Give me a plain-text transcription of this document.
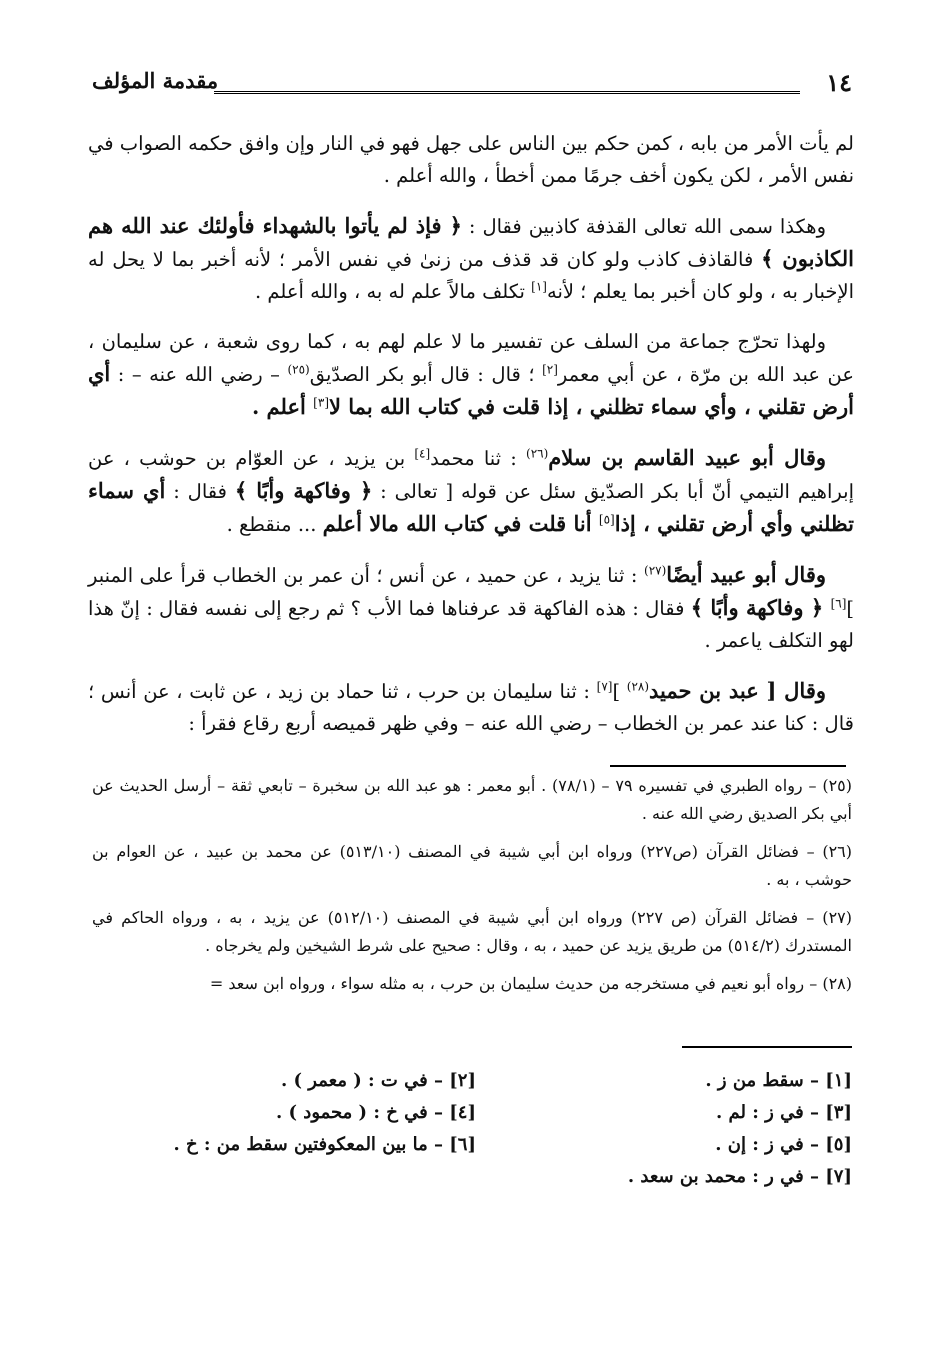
١٤
مقدمة المؤلف

لم يأت الأمر من بابه ، كمن حكم بين الناس على جهل فهو في النار وإن وافق حكمه الصواب في نفس الأمر ، لكن يكون أخف جرمًا ممن أخطأ ، والله أعلم .

وهكذا سمى الله تعالى القذفة كاذبين فقال : ﴿ فإذ لم يأتوا بالشهداء فأولئك عند الله هم الكاذبون ﴾ فالقاذف كاذب ولو كان قد قذف من زنىٰ في نفس الأمر ؛ لأنه أخبر بما لا يحل له الإخبار به ، ولو كان أخبر بما يعلم ؛ لأنه[١] تكلف مالاً علم له به ، والله أعلم .

ولهذا تحرّج جماعة من السلف عن تفسير ما لا علم لهم به ، كما روى شعبة ، عن سليمان ، عن عبد الله بن مرّة ، عن أبي معمر[٢] ؛ قال : قال أبو بكر الصدّيق$^{(٢٥)}$ – رضي الله عنه – : أي أرض تقلني ، وأي سماء تظلني ، إذا قلت في كتاب الله بما لا[٣] أعلم .

وقال أبو عبيد القاسم بن سلام$^{(٢٦)}$ : ثنا محمد[٤] بن يزيد ، عن العوّام بن حوشب ، عن إبراهيم التيمي أنّ أبا بكر الصدّيق سئل عن قوله [ تعالى : ﴿ وفاكهة وأبًا ﴾ فقال : أي سماء تظلني وأي أرض تقلني ، إذا[٥] أنا قلت في كتاب الله مالا أعلم ... منقطع .

وقال أبو عبيد أيضًا$^{(٢٧)}$ : ثنا يزيد ، عن حميد ، عن أنس ؛ أن عمر بن الخطاب قرأ على المنبر ][٦] ﴿ وفاكهة وأبًا ﴾ فقال : هذه الفاكهة قد عرفناها فما الأب ؟ ثم رجع إلى نفسه فقال : إنّ هذا لهو التكلف ياعمر .

وقال [ عبد بن حميد$^{(٢٨)}$ ][٧] : ثنا سليمان بن حرب ، ثنا حماد بن زيد ، عن ثابت ، عن أنس ؛ قال : كنا عند عمر بن الخطاب – رضي الله عنه – وفي ظهر قميصه أربع رقاع فقرأ :

(٢٥) – رواه الطبري في تفسيره ٧٩ – (٧٨/١) . أبو معمر : هو عبد الله بن سخبرة – تابعي ثقة – أرسل الحديث عن أبي بكر الصديق رضي الله عنه .

(٢٦) – فضائل القرآن (ص٢٢٧) ورواه ابن أبي شيبة في المصنف (٥١٣/١٠) عن محمد بن عبيد ، عن العوام بن حوشب ، به .

(٢٧) – فضائل القرآن (ص ٢٢٧) ورواه ابن أبي شيبة في المصنف (٥١٢/١٠) عن يزيد ، به ، ورواه الحاكم في المستدرك (٥١٤/٢) من طريق يزيد عن حميد ، به ، وقال : صحيح على شرط الشيخين ولم يخرجاه .

(٢٨) – رواه أبو نعيم في مستخرجه من حديث سليمان بن حرب ، به مثله سواء ، ورواه ابن سعد =

[١] – سقط من ز .
[٢] – في ت : ( معمر ) .
[٣] – في ز : لم .
[٤] – في خ : ( محمود ) .
[٥] – في ز : إن .
[٦] – ما بين المعكوفتين سقط من : خ .
[٧] – في ر : محمد بن سعد .
